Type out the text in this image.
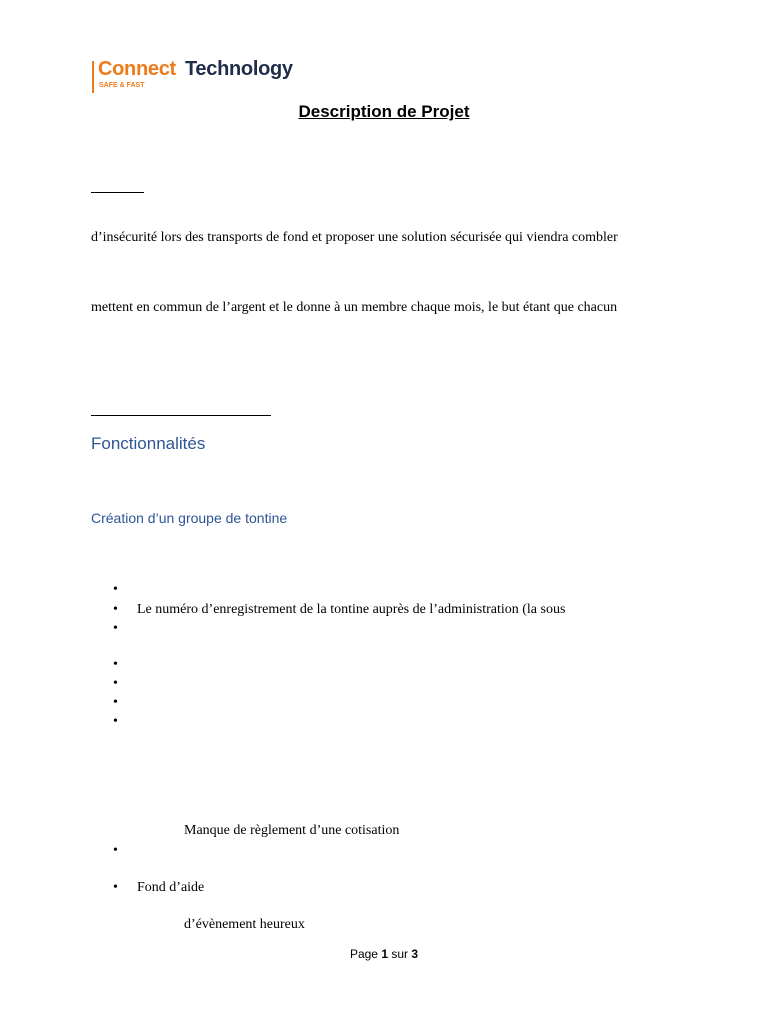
Connect Technology
SAFE & FAST
Description de Projet
d’insécurité lors des transports de fond et proposer une solution sécurisée qui viendra combler
mettent en commun de l’argent et le donne à un membre chaque mois, le but étant que chacun
Fonctionnalités
Création d’un groupe de tontine
•
• Le numéro d’enregistrement de la tontine auprès de l’administration (la sous
•
•
•
•
•
Manque de règlement d’une cotisation
•
• Fond d’aide
d’évènement heureux
Page 1 sur 3
